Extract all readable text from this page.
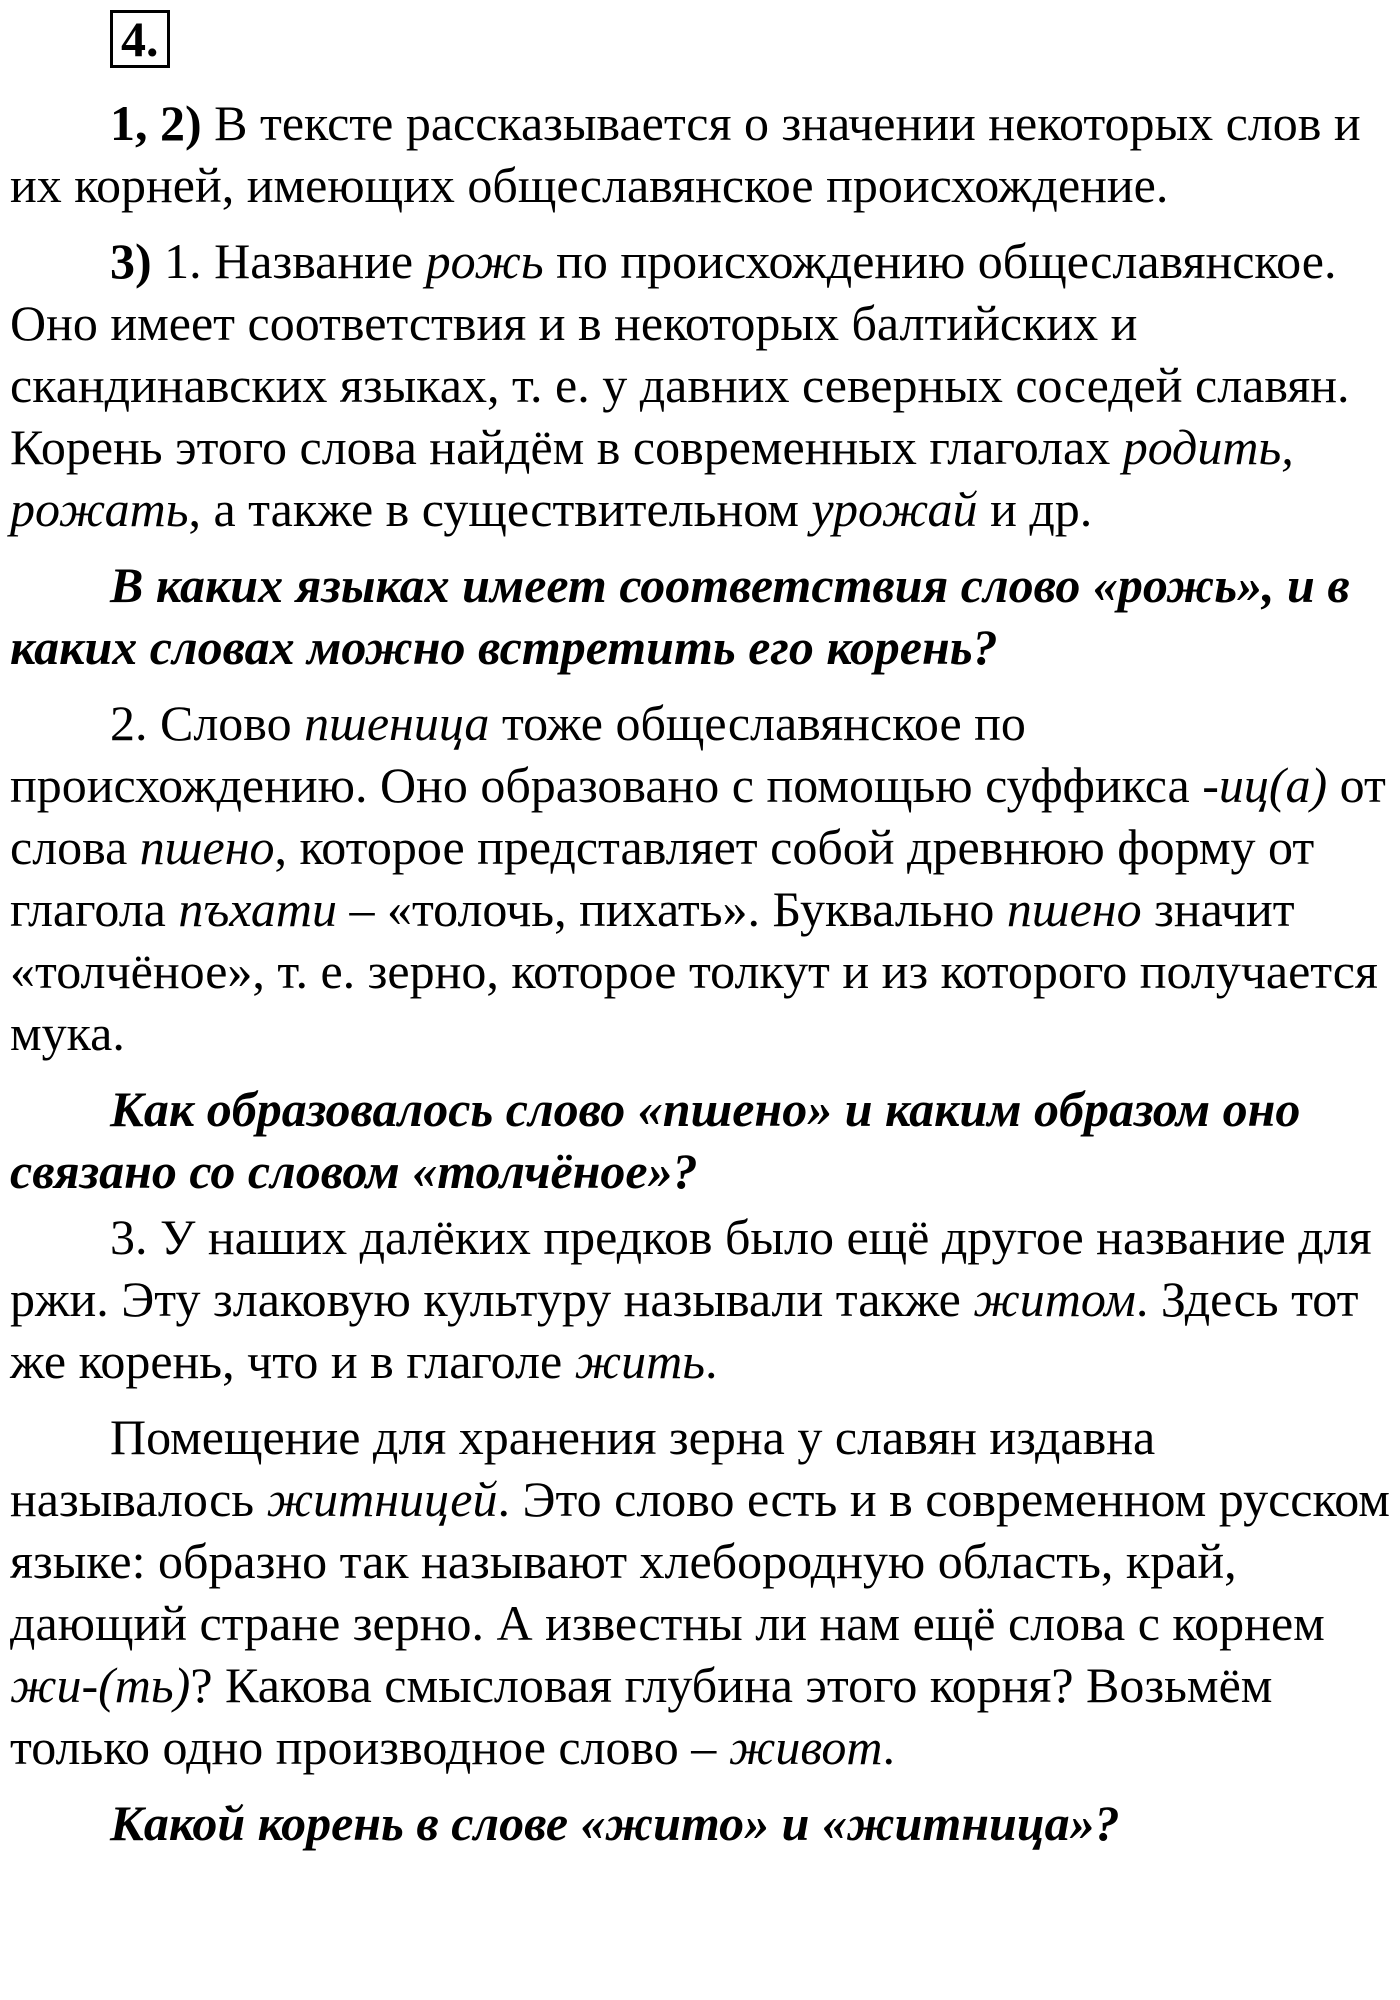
4.

1, 2) В тексте рассказывается о значении некоторых слов и их корней, имеющих общеславянское происхождение.

3) 1. Название рожь по происхождению общеславянское. Оно имеет соответствия и в некоторых балтийских и скандинавских языках, т. е. у давних северных соседей славян. Корень этого слова найдём в современных глаголах родить, рожать, а также в существительном урожай и др.

В каких языках имеет соответствия слово «рожь», и в каких словах можно встретить его корень?

2. Слово пшеница тоже общеславянское по происхождению. Оно образовано с помощью суффикса -иц(а) от слова пшено, которое представляет собой древнюю форму от глагола пъхати – «толочь, пихать». Буквально пшено значит «толчёное», т. е. зерно, которое толкут и из которого получается мука.

Как образовалось слово «пшено» и каким образом оно связано со словом «толчёное»?

3. У наших далёких предков было ещё другое название для ржи. Эту злаковую культуру называли также житом. Здесь тот же корень, что и в глаголе жить.

Помещение для хранения зерна у славян издавна называлось житницей. Это слово есть и в современном русском языке: образно так называют хлебородную область, край, дающий стране зерно. А известны ли нам ещё слова с корнем жи-(ть)? Какова смысловая глубина этого корня? Возьмём только одно производное слово – живот.

Какой корень в слове «жито» и «житница»?
